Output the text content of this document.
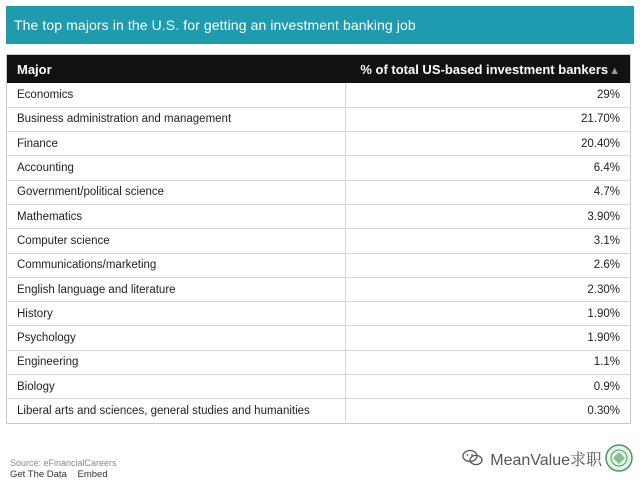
The top majors in the U.S. for getting an investment banking job
Major	% of total US-based investment bankers▲
Economics	29%
Business administration and management	21.70%
Finance	20.40%
Accounting	6.4%
Government/political science	4.7%
Mathematics	3.90%
Computer science	3.1%
Communications/marketing	2.6%
English language and literature	2.30%
History	1.90%
Psychology	1.90%
Engineering	1.1%
Biology	0.9%
Liberal arts and sciences, general studies and humanities	0.30%
Source: eFinancialCareers
Get The Data Embed
MeanValue求职
